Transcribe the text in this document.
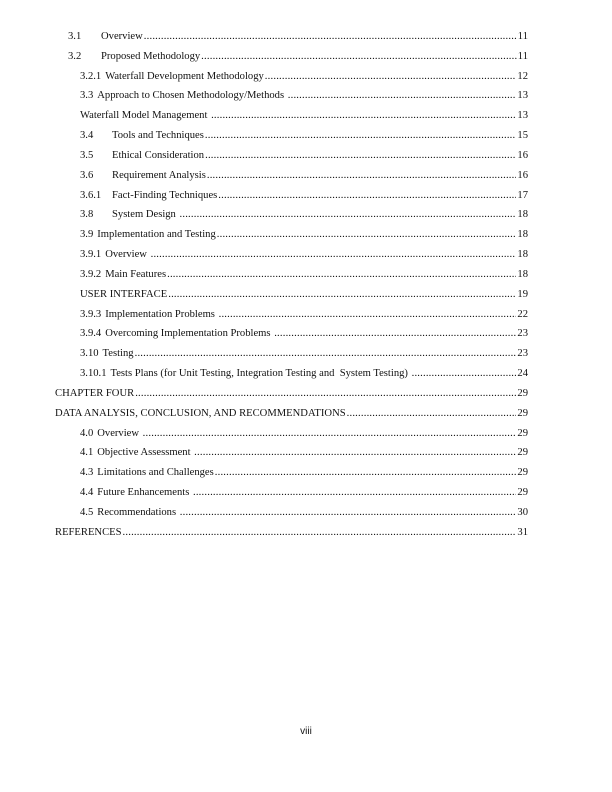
3.1	Overview .....	11
3.2	Proposed Methodology .....	11
3.2.1 Waterfall Development Methodology .....	12
3.3 Approach to Chosen Methodology/Methods .....	13
Waterfall Model Management .....	13
3.4	Tools and Techniques .....	15
3.5	Ethical Consideration .....	16
3.6	Requirement Analysis .....	16
3.6.1	Fact-Finding Techniques .....	17
3.8	System Design .....	18
3.9 Implementation and Testing .....	18
3.9.1 Overview .....	18
3.9.2 Main Features .....	18
USER INTERFACE .....	19
3.9.3 Implementation Problems .....	22
3.9.4 Overcoming Implementation Problems .....	23
3.10 Testing .....	23
3.10.1 Tests Plans (for Unit Testing, Integration Testing and  System Testing) .....	24
CHAPTER FOUR .....	29
DATA ANALYSIS, CONCLUSION, AND RECOMMENDATIONS .....	29
4.0 Overview .....	29
4.1 Objective Assessment .....	29
4.3 Limitations and Challenges .....	29
4.4 Future Enhancements .....	29
4.5 Recommendations .....	30
REFERENCES .....	31
viii
